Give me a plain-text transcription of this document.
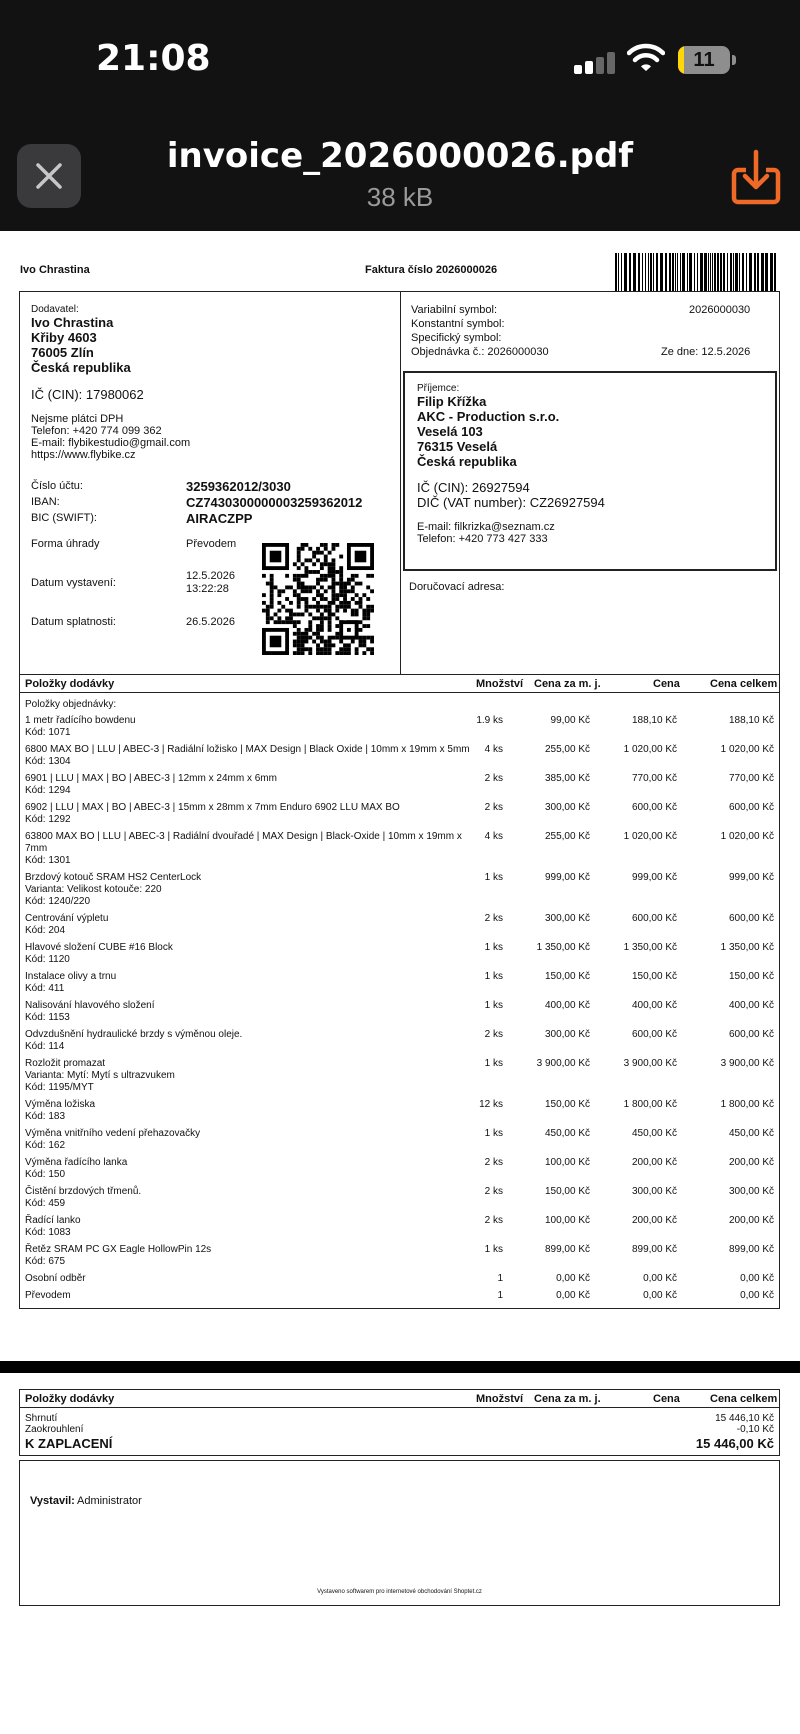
21:08	11
invoice_2026000026.pdf
38 kB
Ivo Chrastina	Faktura číslo 2026000026
Dodavatel:
Ivo Chrastina
Křiby 4603
76005 Zlín
Česká republika
IČ (CIN): 17980062
Nejsme plátci DPH
Telefon: +420 774 099 362
E-mail: flybikestudio@gmail.com
https://www.flybike.cz
Číslo účtu:	3259362012/3030
IBAN:	CZ7430300000003259362012
BIC (SWIFT):	AIRACZPP
Forma úhrady	Převodem
Datum vystavení:
12.5.2026
13:22:28
Datum splatnosti:	26.5.2026
Variabilní symbol:	2026000030
Konstantní symbol:
Specifický symbol:
Objednávka č.: 2026000030	Ze dne: 12.5.2026
Doručovací adresa:
Příjemce:
Filip Křížka
AKC - Production s.r.o.
Veselá 103
76315 Veselá
Česká republika
IČ (CIN): 26927594
DIČ (VAT number): CZ26927594
E-mail: filkrizka@seznam.cz
Telefon: +420 773 427 333
Položky dodávky	Množství Cena za m. j.	Cena	Cena celkem
Položky objednávky:
1 metr řadícího bowdenu
Kód: 1071
1.9 ks	99,00 Kč	188,10 Kč	188,10 Kč
6800 MAX BO | LLU | ABEC-3 | Radiální ložisko | MAX Design | Black Oxide | 10mm x 19mm x 5mm
Kód: 1304
4 ks	255,00 Kč	1 020,00 Kč	1 020,00 Kč
6901 | LLU | MAX | BO | ABEC-3 | 12mm x 24mm x 6mm
Kód: 1294
2 ks	385,00 Kč	770,00 Kč	770,00 Kč
6902 | LLU | MAX | BO | ABEC-3 | 15mm x 28mm x 7mm Enduro 6902 LLU MAX BO
Kód: 1292
2 ks	300,00 Kč	600,00 Kč	600,00 Kč
63800 MAX BO | LLU | ABEC-3 | Radiální dvouřadé | MAX Design | Black-Oxide | 10mm x 19mm x
7mm
Kód: 1301
4 ks	255,00 Kč	1 020,00 Kč	1 020,00 Kč
Brzdový kotouč SRAM HS2 CenterLock
Varianta: Velikost kotouče: 220
Kód: 1240/220
1 ks	999,00 Kč	999,00 Kč	999,00 Kč
Centrování výpletu
Kód: 204
2 ks	300,00 Kč	600,00 Kč	600,00 Kč
Hlavové složení CUBE #16 Block
Kód: 1120
1 ks	1 350,00 Kč	1 350,00 Kč	1 350,00 Kč
Instalace olivy a trnu
Kód: 411
1 ks	150,00 Kč	150,00 Kč	150,00 Kč
Nalisování hlavového složení
Kód: 1153
1 ks	400,00 Kč	400,00 Kč	400,00 Kč
Odvzdušnění hydraulické brzdy s výměnou oleje.
Kód: 114
2 ks	300,00 Kč	600,00 Kč	600,00 Kč
Rozložit promazat
Varianta: Mytí: Mytí s ultrazvukem
Kód: 1195/MYT
1 ks	3 900,00 Kč	3 900,00 Kč	3 900,00 Kč
Výměna ložiska
Kód: 183
12 ks	150,00 Kč	1 800,00 Kč	1 800,00 Kč
Výměna vnitřního vedení přehazovačky
Kód: 162
1 ks	450,00 Kč	450,00 Kč	450,00 Kč
Výměna řadícího lanka
Kód: 150
2 ks	100,00 Kč	200,00 Kč	200,00 Kč
Čistění brzdových třmenů.
Kód: 459
2 ks	150,00 Kč	300,00 Kč	300,00 Kč
Řadící lanko
Kód: 1083
2 ks	100,00 Kč	200,00 Kč	200,00 Kč
Řetěz SRAM PC GX Eagle HollowPin 12s
Kód: 675
1 ks	899,00 Kč	899,00 Kč	899,00 Kč
Osobní odběr	1	0,00 Kč	0,00 Kč	0,00 Kč
Převodem	1	0,00 Kč	0,00 Kč	0,00 Kč
Položky dodávky	Množství Cena za m. j.	Cena	Cena celkem
Shrnutí	15 446,10 Kč
Zaokrouhlení	-0,10 Kč
K ZAPLACENÍ	15 446,00 Kč
Vystavil: Administrator
Vystaveno softwarem pro internetové obchodování Shoptet.cz
